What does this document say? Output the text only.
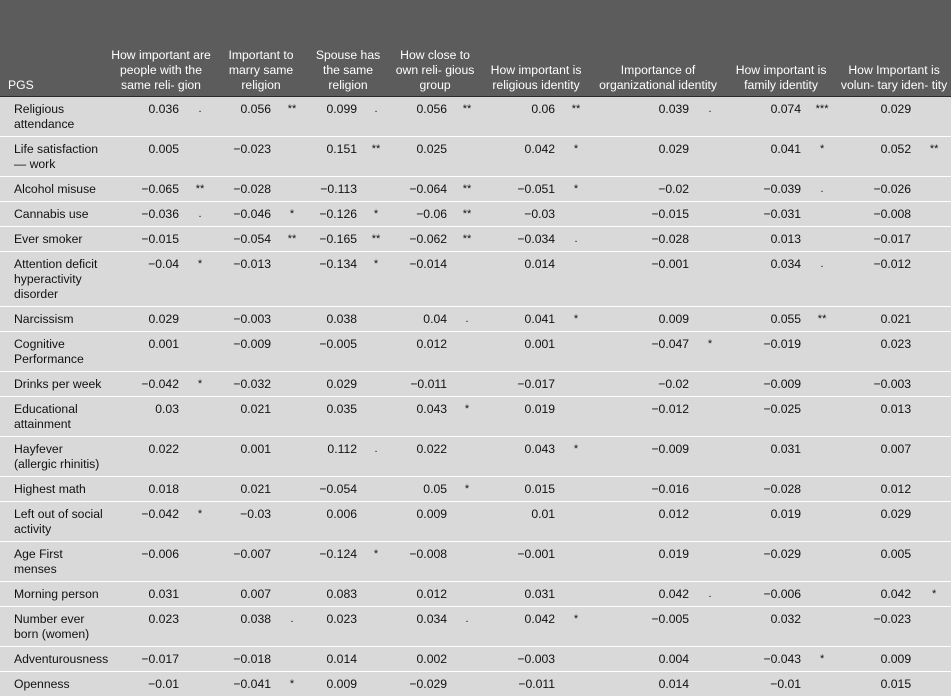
PGS	How important are people with the same reli- gion		Important to marry same religion		Spouse has the same religion		How close to own reli- gious group		How important is religious identity		Importance of organizational identity		How important is family identity		How Important is volun- tary iden- tity	
Religious attendance	0.036	.	0.056	**	0.099	.	0.056	**	0.06	**	0.039	.	0.074	***	0.029	
Life satisfaction — work	0.005		−0.023		0.151	**	0.025		0.042	*	0.029		0.041	*	0.052	**
Alcohol misuse	−0.065	**	−0.028		−0.113		−0.064	**	−0.051	*	−0.02		−0.039	.	−0.026	
Cannabis use	−0.036	.	−0.046	*	−0.126	*	−0.06	**	−0.03		−0.015		−0.031		−0.008	
Ever smoker	−0.015		−0.054	**	−0.165	**	−0.062	**	−0.034	.	−0.028		0.013		−0.017	
Attention deficit hyperactivity disorder	−0.04	*	−0.013		−0.134	*	−0.014		0.014		−0.001		0.034	.	−0.012	
Narcissism	0.029		−0.003		0.038		0.04	.	0.041	*	0.009		0.055	**	0.021	
Cognitive Performance	0.001		−0.009		−0.005		0.012		0.001		−0.047	*	−0.019		0.023	
Drinks per week	−0.042	*	−0.032		0.029		−0.011		−0.017		−0.02		−0.009		−0.003	
Educational attainment	0.03		0.021		0.035		0.043	*	0.019		−0.012		−0.025		0.013	
Hayfever (allergic rhinitis)	0.022		0.001		0.112	.	0.022		0.043	*	−0.009		0.031		0.007	
Highest math	0.018		0.021		−0.054		0.05	*	0.015		−0.016		−0.028		0.012	
Left out of social activity	−0.042	*	−0.03		0.006		0.009		0.01		0.012		0.019		0.029	
Age First menses	−0.006		−0.007		−0.124	*	−0.008		−0.001		0.019		−0.029		0.005	
Morning person	0.031		0.007		0.083		0.012		0.031		0.042	.	−0.006		0.042	*
Number ever born (women)	0.023		0.038	.	0.023		0.034	.	0.042	*	−0.005		0.032		−0.023	
Adventurousness	−0.017		−0.018		0.014		0.002		−0.003		0.004		−0.043	*	0.009	
Openness	−0.01		−0.041	*	0.009		−0.029		−0.011		0.014		−0.01		0.015	
